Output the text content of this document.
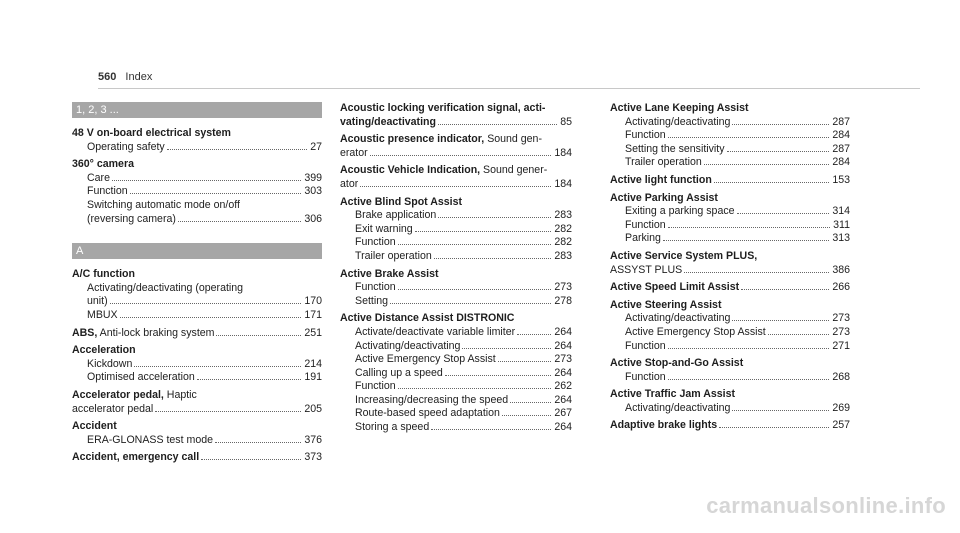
560 Index
1, 2, 3 ...
48 V on-board electrical system
Operating safety	27
360° camera
Care	399
Function	303
Switching automatic mode on/off
(reversing camera)	306
A
A/C function
Activating/deactivating (operating
unit)	170
MBUX	171
ABS, Anti-lock braking system	251
Acceleration
Kickdown	214
Optimised acceleration	191
Accelerator pedal, Haptic
accelerator pedal	205
Accident
ERA-GLONASS test mode	376
Accident, emergency call	373
Acoustic locking verification signal, acti-
vating/deactivating	85
Acoustic presence indicator, Sound gen-
erator	184
Acoustic Vehicle Indication, Sound gener-
ator	184
Active Blind Spot Assist
Brake application	283
Exit warning	282
Function	282
Trailer operation	283
Active Brake Assist
Function	273
Setting	278
Active Distance Assist DISTRONIC
Activate/deactivate variable limiter	264
Activating/deactivating	264
Active Emergency Stop Assist	273
Calling up a speed	264
Function	262
Increasing/decreasing the speed	264
Route-based speed adaptation	267
Storing a speed	264
Active Lane Keeping Assist
Activating/deactivating	287
Function	284
Setting the sensitivity	287
Trailer operation	284
Active light function	153
Active Parking Assist
Exiting a parking space	314
Function	311
Parking	313
Active Service System PLUS,
ASSYST PLUS	386
Active Speed Limit Assist	266
Active Steering Assist
Activating/deactivating	273
Active Emergency Stop Assist	273
Function	271
Active Stop-and-Go Assist
Function	268
Active Traffic Jam Assist
Activating/deactivating	269
Adaptive brake lights	257
carmanualsonline.info
